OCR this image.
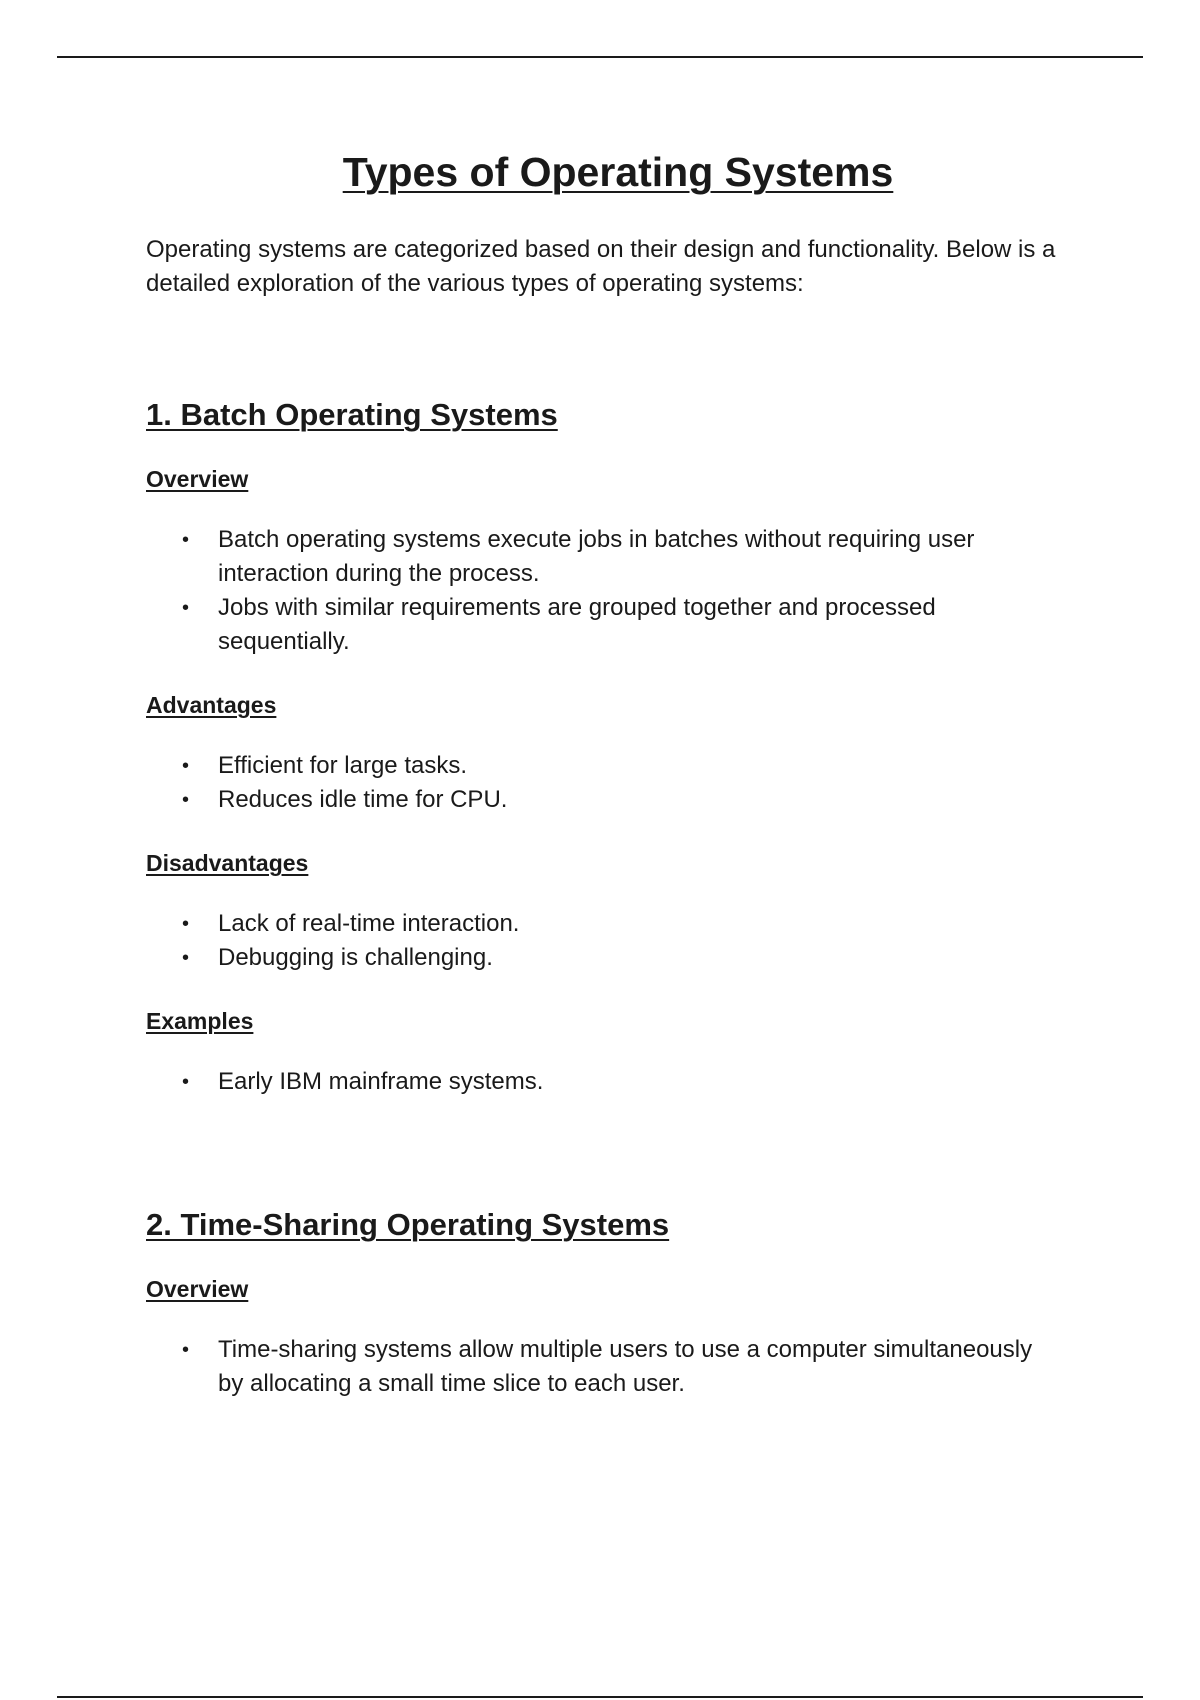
Types of Operating Systems

Operating systems are categorized based on their design and functionality. Below is a detailed exploration of the various types of operating systems:

1. Batch Operating Systems
Overview
• Batch operating systems execute jobs in batches without requiring user interaction during the process.
• Jobs with similar requirements are grouped together and processed sequentially.
Advantages
• Efficient for large tasks.
• Reduces idle time for CPU.
Disadvantages
• Lack of real-time interaction.
• Debugging is challenging.
Examples
• Early IBM mainframe systems.
2. Time-Sharing Operating Systems
Overview
• Time-sharing systems allow multiple users to use a computer simultaneously by allocating a small time slice to each user.
